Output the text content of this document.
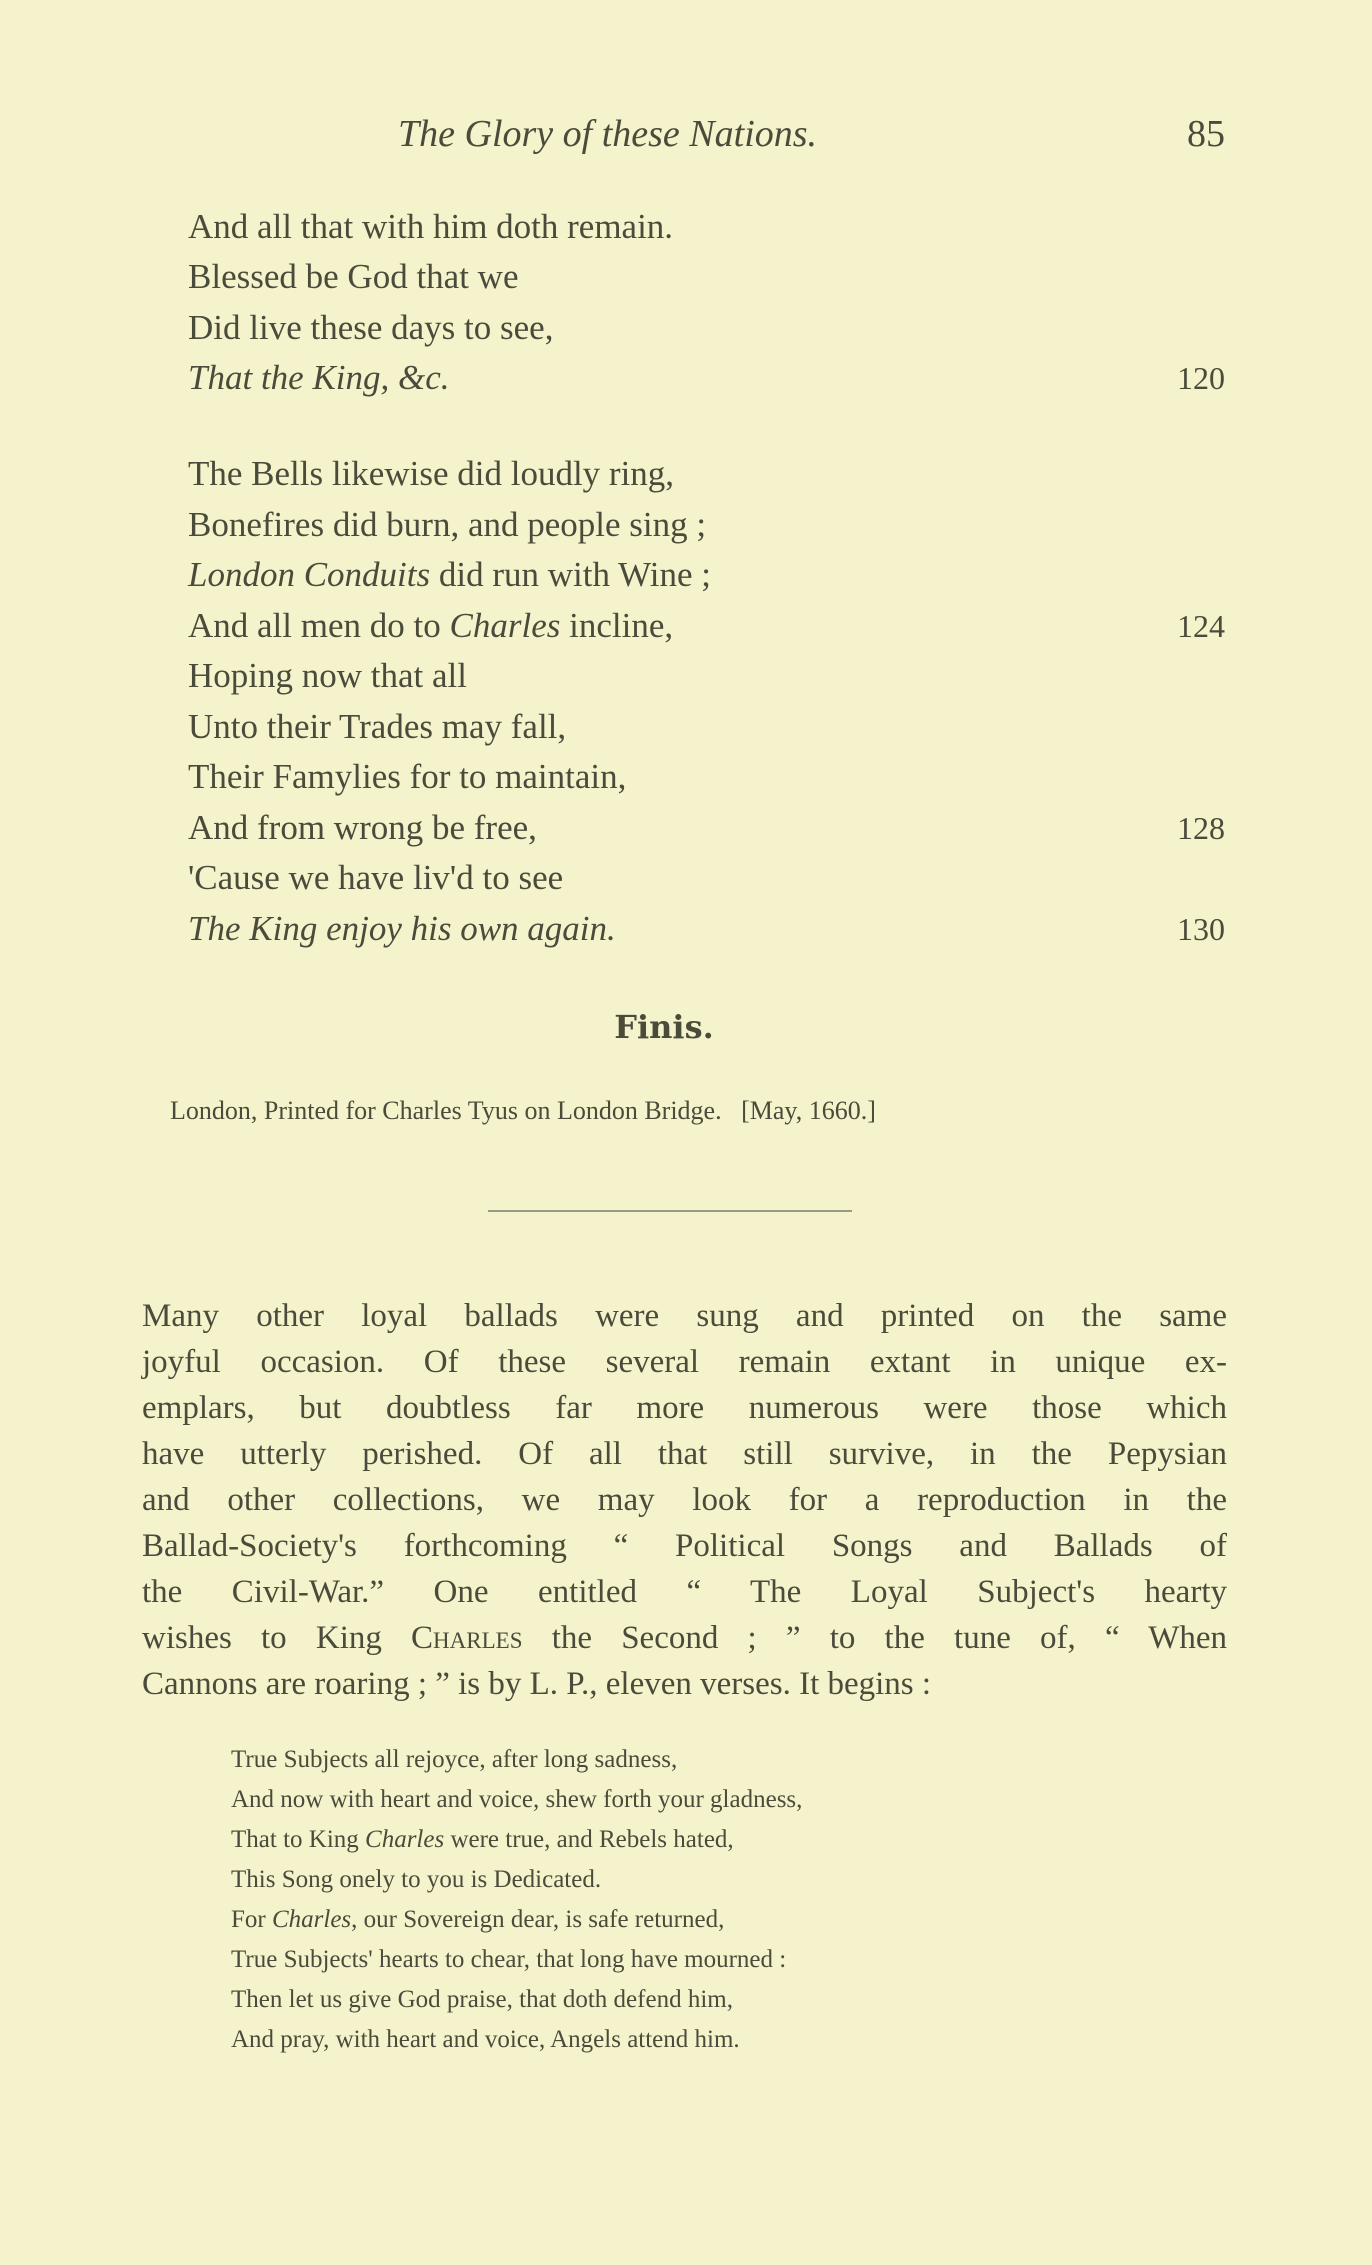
The Glory of these Nations.	85
And all that with him doth remain.
Blessed be God that we
Did live these days to see,
That the King, &c.	120
The Bells likewise did loudly ring,
Bonefires did burn, and people sing ;
London Conduits did run with Wine ;
And all men do to Charles incline,	124
Hoping now that all
Unto their Trades may fall,
Their Famylies for to maintain,
And from wrong be free,	128
'Cause we have liv'd to see
The King enjoy his own again.	130
Finis.
London, Printed for Charles Tyus on London Bridge.   [May, 1660.]
Many other loyal ballads were sung and printed on the same
joyful occasion. Of these several remain extant in unique ex-
emplars, but doubtless far more numerous were those which
have utterly perished. Of all that still survive, in the Pepysian
and other collections, we may look for a reproduction in the
Ballad-Society's forthcoming “ Political Songs and Ballads of
the Civil-War.” One entitled “ The Loyal Subject's hearty
wishes to King Charles the Second ; ” to the tune of, “ When
Cannons are roaring ; ” is by L. P., eleven verses. It begins :
True Subjects all rejoyce, after long sadness,
And now with heart and voice, shew forth your gladness,
That to King Charles were true, and Rebels hated,
This Song onely to you is Dedicated.
For Charles, our Sovereign dear, is safe returned,
True Subjects' hearts to chear, that long have mourned :
Then let us give God praise, that doth defend him,
And pray, with heart and voice, Angels attend him.
